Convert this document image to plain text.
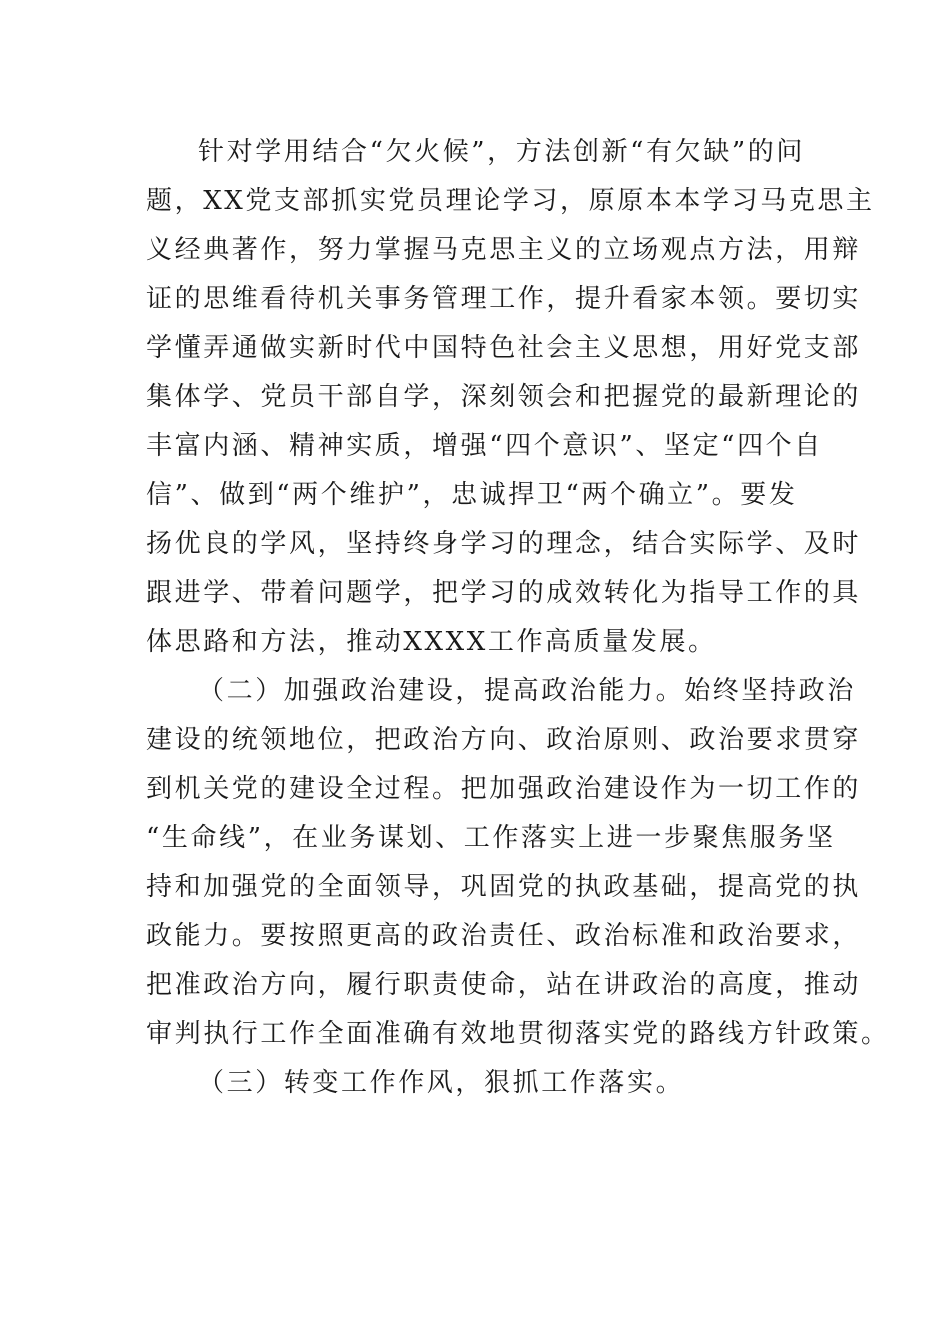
针对学用结合“欠火候”，方法创新“有欠缺”的问
题，XX党支部抓实党员理论学习，原原本本学习马克思主
义经典著作，努力掌握马克思主义的立场观点方法，用辩
证的思维看待机关事务管理工作，提升看家本领。要切实
学懂弄通做实新时代中国特色社会主义思想，用好党支部
集体学、党员干部自学，深刻领会和把握党的最新理论的
丰富内涵、精神实质，增强“四个意识”、坚定“四个自
信”、做到“两个维护”，忠诚捍卫“两个确立”。要发
扬优良的学风，坚持终身学习的理念，结合实际学、及时
跟进学、带着问题学，把学习的成效转化为指导工作的具
体思路和方法，推动XXXX工作高质量发展。
（二）加强政治建设，提高政治能力。始终坚持政治
建设的统领地位，把政治方向、政治原则、政治要求贯穿
到机关党的建设全过程。把加强政治建设作为一切工作的
“生命线”，在业务谋划、工作落实上进一步聚焦服务坚
持和加强党的全面领导，巩固党的执政基础，提高党的执
政能力。要按照更高的政治责任、政治标准和政治要求，
把准政治方向，履行职责使命，站在讲政治的高度，推动
审判执行工作全面准确有效地贯彻落实党的路线方针政策。
（三）转变工作作风，狠抓工作落实。
